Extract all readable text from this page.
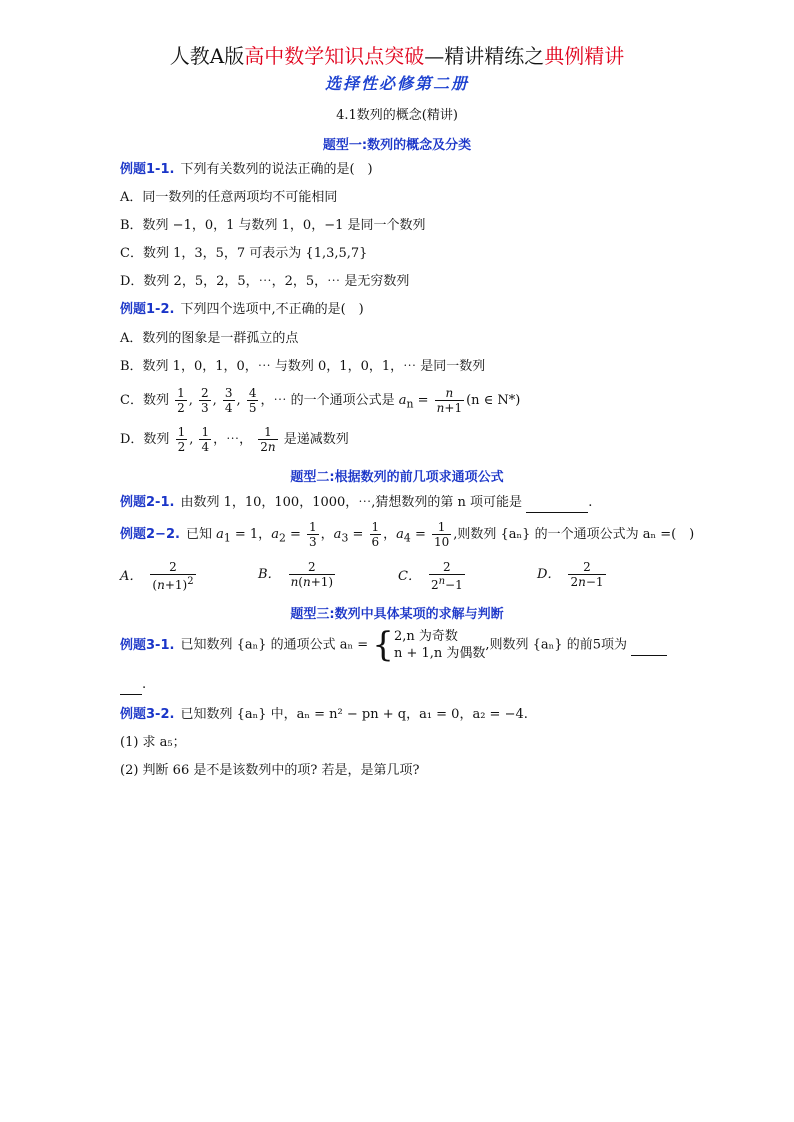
人教A版高中数学知识点突破—精讲精练之典例精讲
选择性必修第二册
4.1数列的概念(精讲)
题型一:数列的概念及分类
例题1-1. 下列有关数列的说法正确的是(　)
A．同一数列的任意两项均不可能相同
B．数列 −1，0，1 与数列 1，0，−1 是同一个数列
C．数列 1，3，5，7 可表示为 {1,3,5,7}
D．数列 2，5，2，5，⋯，2，5，⋯ 是无穷数列
例题1-2. 下列四个选项中,不正确的是(　)
A．数列的图象是一群孤立的点
B．数列 1，0，1，0，⋯ 与数列 0，1，0，1，⋯ 是同一数列
C．数列 $\frac{1}{2}$ , $\frac{2}{3}$ , $\frac{3}{4}$ , $\frac{4}{5}$ ，⋯ 的一个通项公式是 $a_n = \frac{n}{n+1} (n$ ∈ N*)
D．数列 $\frac{1}{2}$ , $\frac{1}{4}$ ，⋯， $\frac{1}{2n}$ 是递减数列
题型二:根据数列的前几项求通项公式
例题2-1. 由数列 1，10，100，1000，⋯,猜想数列的第 n 项可能是	.
例题2−2. 已知 $a_1 = 1$，$a_2 = \frac{1}{3}$ ，$a_3 = \frac{1}{6}$ ，$a_4 = \frac{1}{10}$ ,则数列 {aₙ} 的一个通项公式为 aₙ =(　)
A． $\frac{2}{(n+1)^2}$	B． $\frac{2}{n(n+1)}$	C． $\frac{2}{2^n-1}$	D． $\frac{2}{2n-1}$
题型三:数列中具体某项的求解与判断
例题3-1. 已知数列 {aₙ} 的通项公式 aₙ = {2,n 为奇数
n + 1,n 为偶数,则数列 {aₙ} 的前5项为
.
例题3-2. 已知数列 {aₙ} 中，aₙ = n² − pn + q，a₁ = 0，a₂ = −4.
(1) 求 a₅；
(2) 判断 66 是不是该数列中的项? 若是，是第几项?
